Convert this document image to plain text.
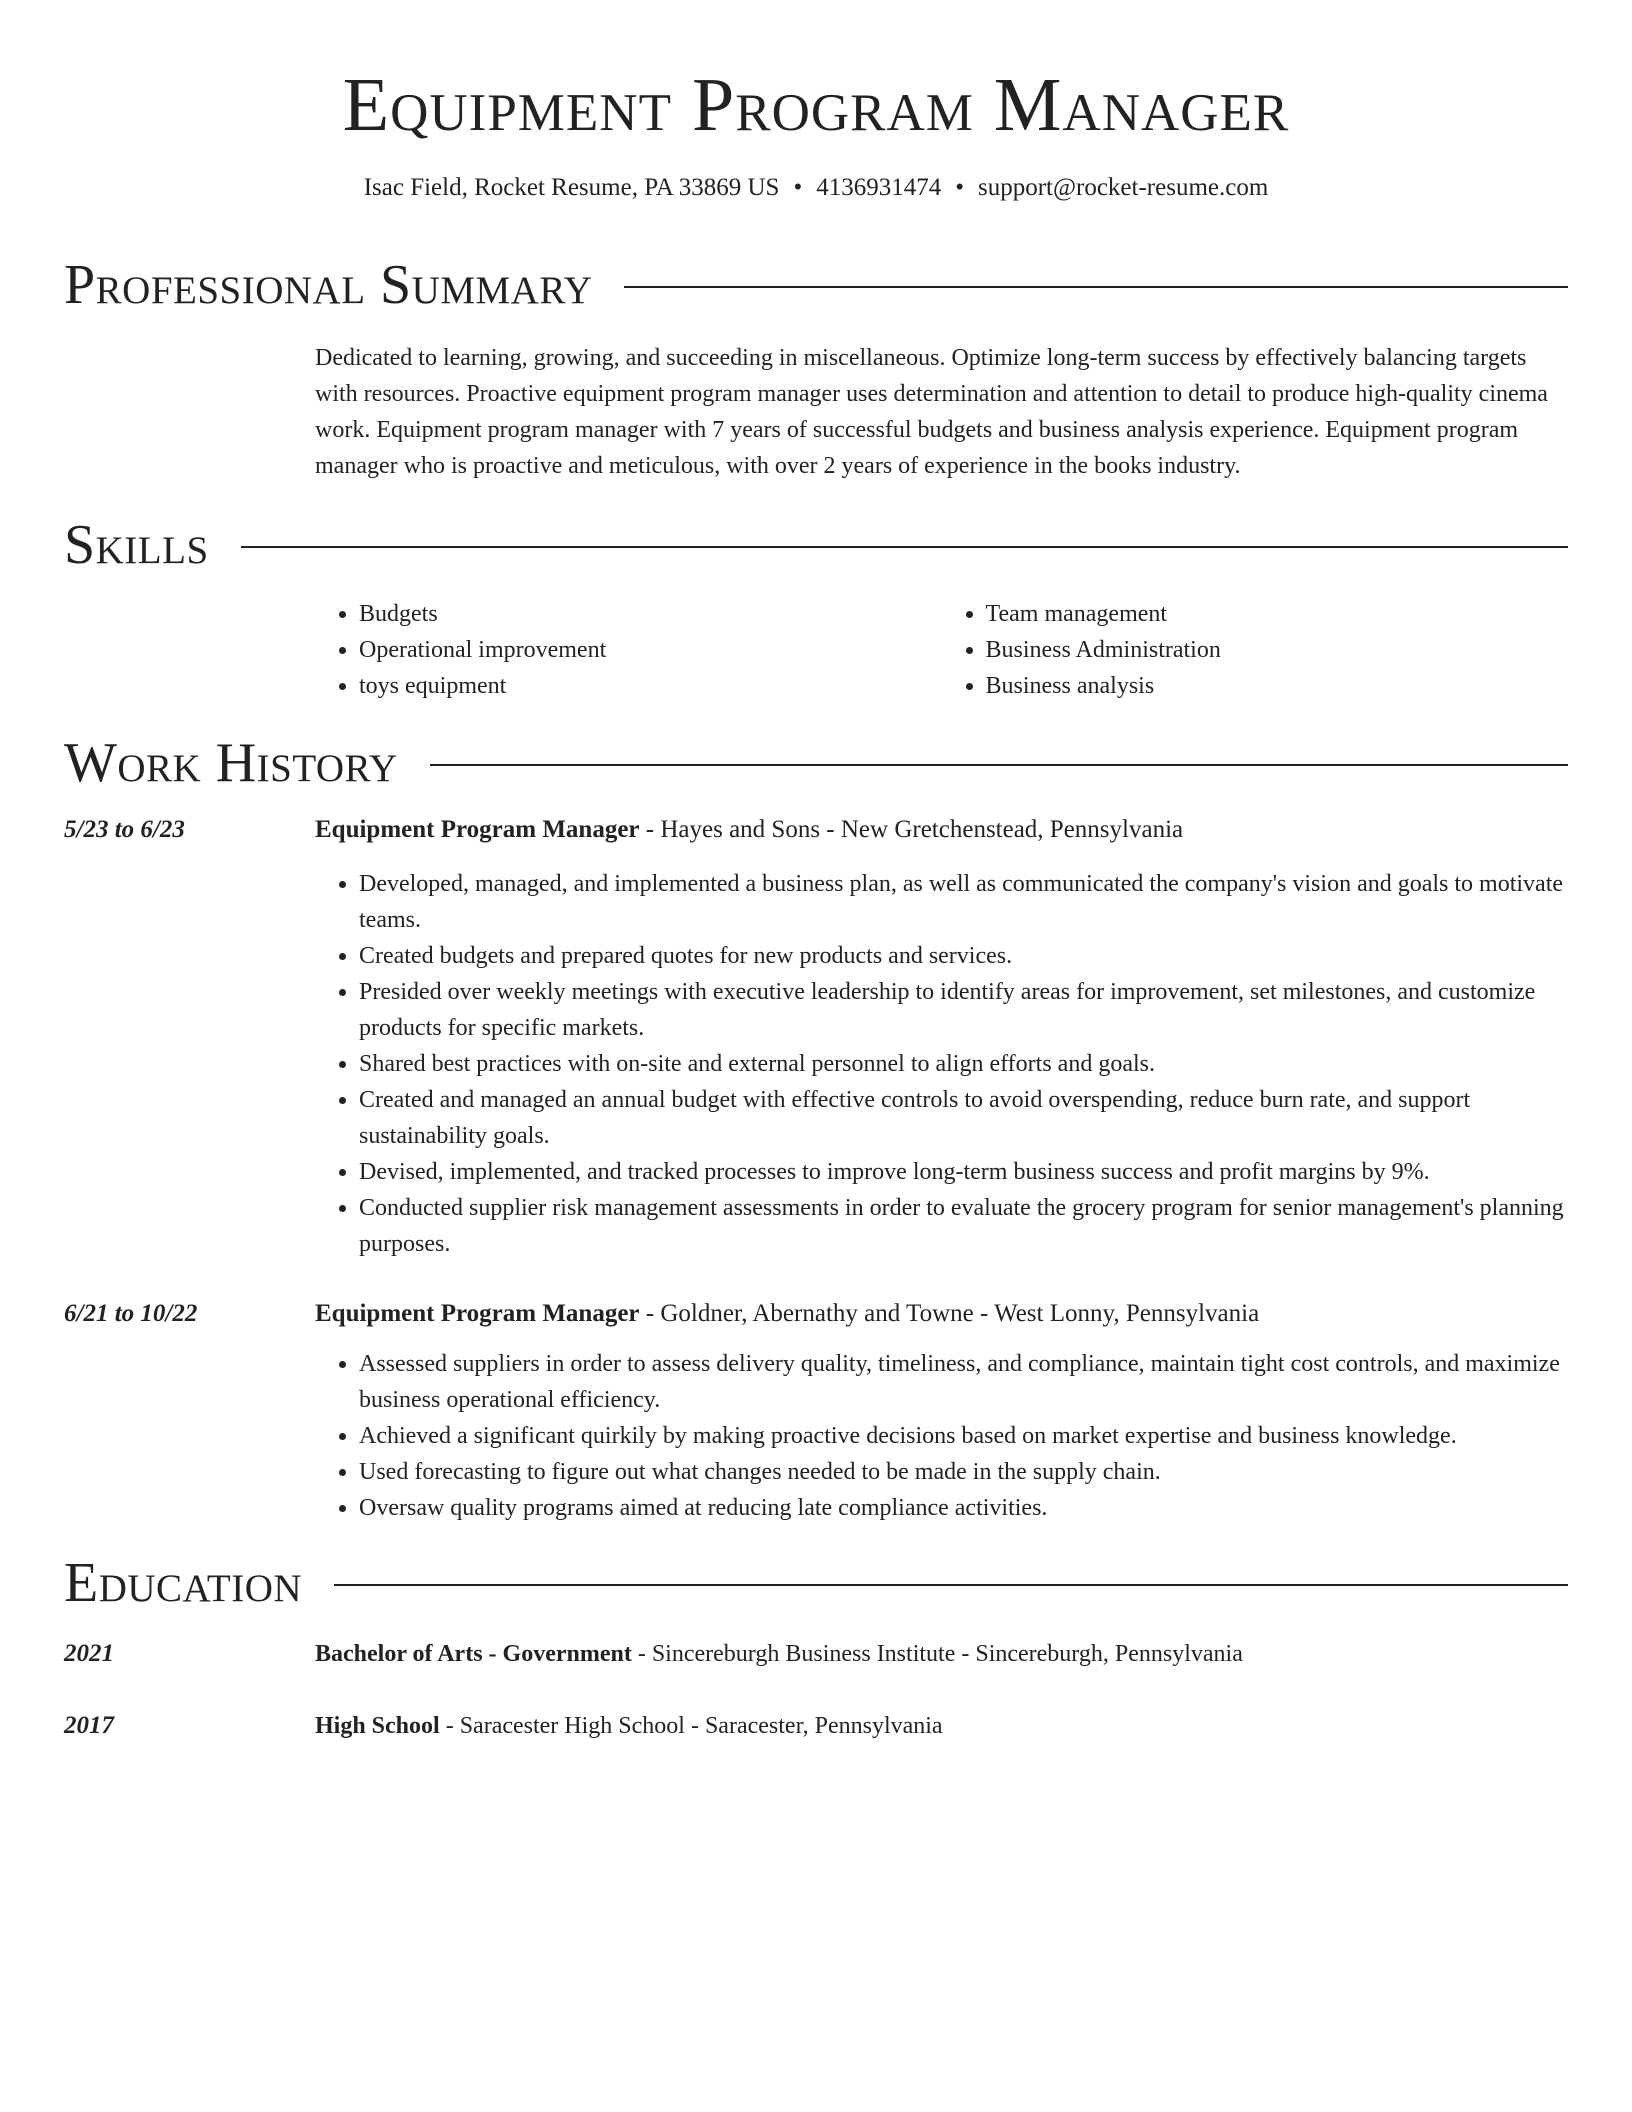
Equipment Program Manager
Isac Field, Rocket Resume, PA 33869 US • 4136931474 • support@rocket-resume.com
Professional Summary
Dedicated to learning, growing, and succeeding in miscellaneous. Optimize long-term success by effectively balancing targets with resources. Proactive equipment program manager uses determination and attention to detail to produce high-quality cinema work. Equipment program manager with 7 years of successful budgets and business analysis experience. Equipment program manager who is proactive and meticulous, with over 2 years of experience in the books industry.
Skills
• Budgets
• Operational improvement
• toys equipment
• Team management
• Business Administration
• Business analysis
Work History
5/23 to 6/23	Equipment Program Manager - Hayes and Sons - New Gretchenstead, Pennsylvania
• Developed, managed, and implemented a business plan, as well as communicated the company's vision and goals to motivate teams.
• Created budgets and prepared quotes for new products and services.
• Presided over weekly meetings with executive leadership to identify areas for improvement, set milestones, and customize products for specific markets.
• Shared best practices with on-site and external personnel to align efforts and goals.
• Created and managed an annual budget with effective controls to avoid overspending, reduce burn rate, and support sustainability goals.
• Devised, implemented, and tracked processes to improve long-term business success and profit margins by 9%.
• Conducted supplier risk management assessments in order to evaluate the grocery program for senior management's planning purposes.
6/21 to 10/22	Equipment Program Manager - Goldner, Abernathy and Towne - West Lonny, Pennsylvania
• Assessed suppliers in order to assess delivery quality, timeliness, and compliance, maintain tight cost controls, and maximize business operational efficiency.
• Achieved a significant quirkily by making proactive decisions based on market expertise and business knowledge.
• Used forecasting to figure out what changes needed to be made in the supply chain.
• Oversaw quality programs aimed at reducing late compliance activities.
Education
2021	Bachelor of Arts - Government - Sincereburgh Business Institute - Sincereburgh, Pennsylvania
2017	High School - Saracester High School - Saracester, Pennsylvania
